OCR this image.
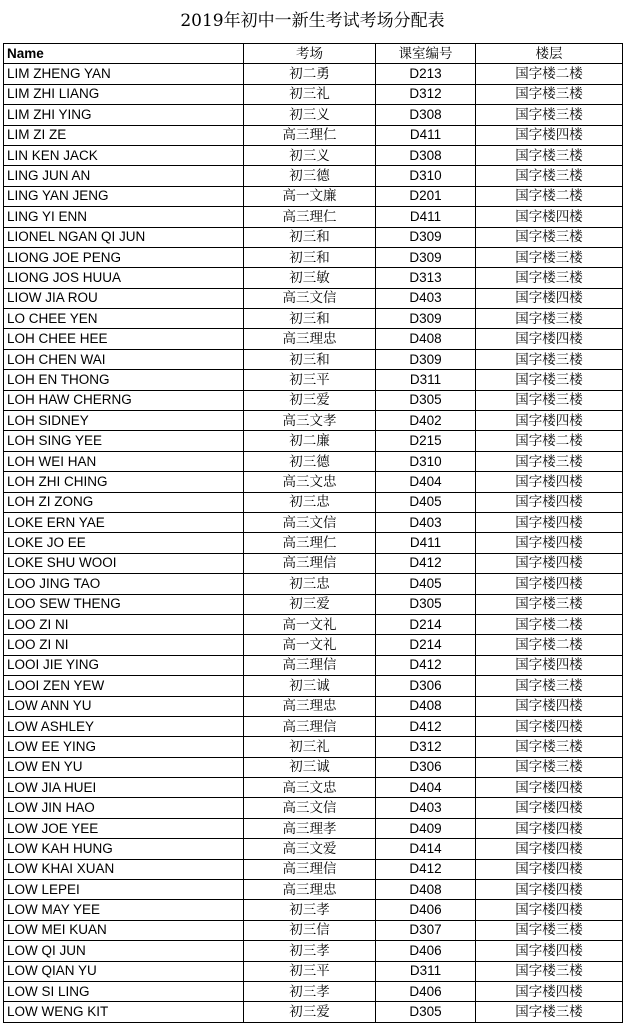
2019年初中一新生考试考场分配表
Name	考场	课室编号	楼层
LIM ZHENG YAN	初二勇	D213	国字楼二楼
LIM ZHI LIANG	初三礼	D312	国字楼三楼
LIM ZHI YING	初三义	D308	国字楼三楼
LIM ZI ZE	高三理仁	D411	国字楼四楼
LIN KEN JACK	初三义	D308	国字楼三楼
LING JUN AN	初三德	D310	国字楼三楼
LING YAN JENG	高一文廉	D201	国字楼二楼
LING YI ENN	高三理仁	D411	国字楼四楼
LIONEL NGAN QI JUN	初三和	D309	国字楼三楼
LIONG JOE PENG	初三和	D309	国字楼三楼
LIONG JOS HUUA	初三敏	D313	国字楼三楼
LIOW JIA ROU	高三文信	D403	国字楼四楼
LO CHEE YEN	初三和	D309	国字楼三楼
LOH CHEE HEE	高三理忠	D408	国字楼四楼
LOH CHEN WAI	初三和	D309	国字楼三楼
LOH EN THONG	初三平	D311	国字楼三楼
LOH HAW CHERNG	初三爱	D305	国字楼三楼
LOH SIDNEY	高三文孝	D402	国字楼四楼
LOH SING YEE	初二廉	D215	国字楼二楼
LOH WEI HAN	初三德	D310	国字楼三楼
LOH ZHI CHING	高三文忠	D404	国字楼四楼
LOH ZI ZONG	初三忠	D405	国字楼四楼
LOKE ERN YAE	高三文信	D403	国字楼四楼
LOKE JO EE	高三理仁	D411	国字楼四楼
LOKE SHU WOOI	高三理信	D412	国字楼四楼
LOO JING TAO	初三忠	D405	国字楼四楼
LOO SEW THENG	初三爱	D305	国字楼三楼
LOO ZI NI	高一文礼	D214	国字楼二楼
LOO ZI NI	高一文礼	D214	国字楼二楼
LOOI JIE YING	高三理信	D412	国字楼四楼
LOOI ZEN YEW	初三诚	D306	国字楼三楼
LOW ANN YU	高三理忠	D408	国字楼四楼
LOW ASHLEY	高三理信	D412	国字楼四楼
LOW EE YING	初三礼	D312	国字楼三楼
LOW EN YU	初三诚	D306	国字楼三楼
LOW JIA HUEI	高三文忠	D404	国字楼四楼
LOW JIN HAO	高三文信	D403	国字楼四楼
LOW JOE YEE	高三理孝	D409	国字楼四楼
LOW KAH HUNG	高三文爱	D414	国字楼四楼
LOW KHAI XUAN	高三理信	D412	国字楼四楼
LOW LEPEI	高三理忠	D408	国字楼四楼
LOW MAY YEE	初三孝	D406	国字楼四楼
LOW MEI KUAN	初三信	D307	国字楼三楼
LOW QI JUN	初三孝	D406	国字楼四楼
LOW QIAN YU	初三平	D311	国字楼三楼
LOW SI LING	初三孝	D406	国字楼四楼
LOW WENG KIT	初三爱	D305	国字楼三楼
